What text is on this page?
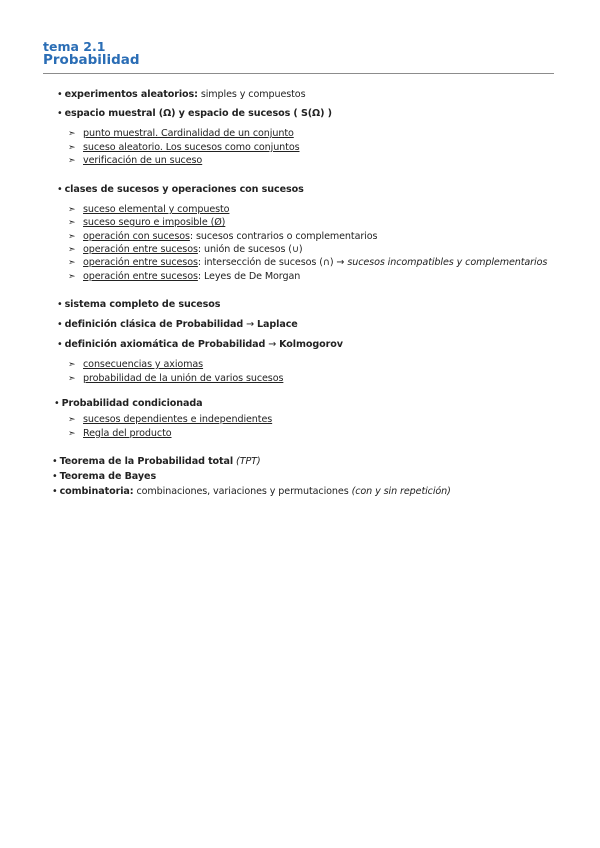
tema 2.1
Probabilidad
• experimentos aleatorios: simples y compuestos
• espacio muestral (Ω) y espacio de sucesos ( S(Ω) )
➣ punto muestral. Cardinalidad de un conjunto
➣ suceso aleatorio. Los sucesos como conjuntos
➣ verificación de un suceso
• clases de sucesos y operaciones con sucesos
➣ suceso elemental y compuesto
➣ suceso seguro e imposible (Ø)
➣ operación con sucesos: sucesos contrarios o complementarios
➣ operación entre sucesos: unión de sucesos (∪)
➣ operación entre sucesos: intersección de sucesos (∩) → sucesos incompatibles y complementarios
➣ operación entre sucesos: Leyes de De Morgan
• sistema completo de sucesos
• definición clásica de Probabilidad → Laplace
• definición axiomática de Probabilidad → Kolmogorov
➣ consecuencias y axiomas
➣ probabilidad de la unión de varios sucesos
• Probabilidad condicionada
➣ sucesos dependientes e independientes
➣ Regla del producto
• Teorema de la Probabilidad total (TPT)
• Teorema de Bayes
• combinatoria: combinaciones, variaciones y permutaciones (con y sin repetición)
